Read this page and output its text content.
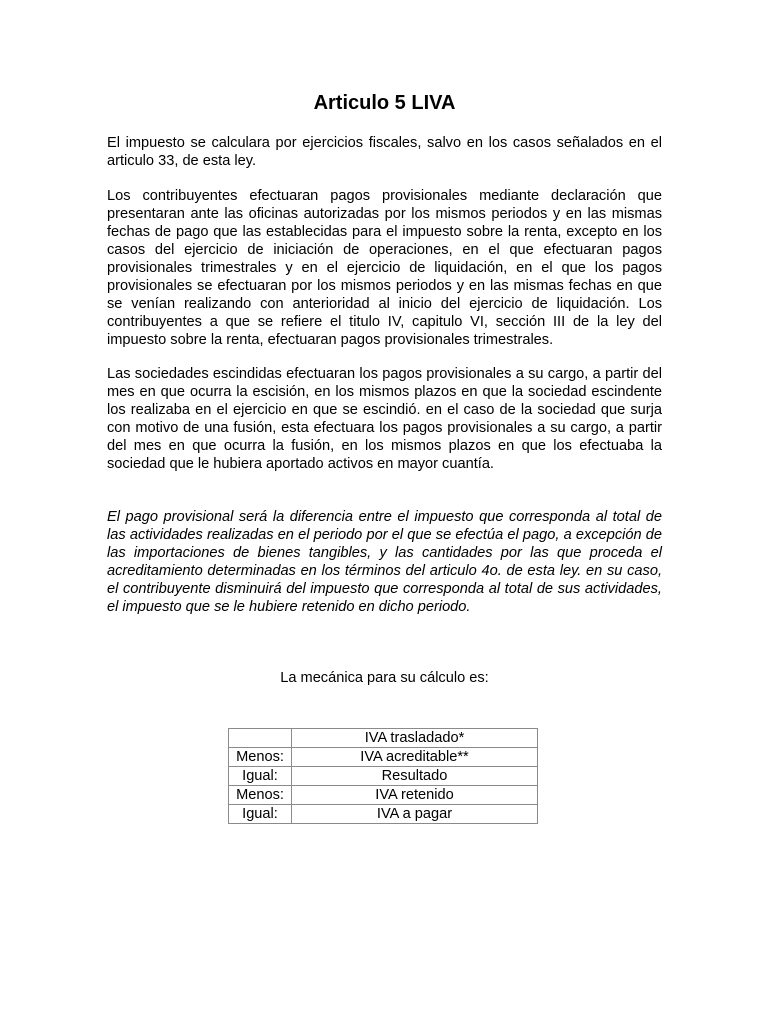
Articulo 5 LIVA

El impuesto se calculara por ejercicios fiscales, salvo en los casos señalados en el articulo 33, de esta ley.

Los contribuyentes efectuaran pagos provisionales mediante declaración que presentaran ante las oficinas autorizadas por los mismos periodos y en las mismas fechas de pago que las establecidas para el impuesto sobre la renta, excepto en los casos del ejercicio de iniciación de operaciones, en el que efectuaran pagos provisionales trimestrales y en el ejercicio de liquidación, en el que los pagos provisionales se efectuaran por los mismos periodos y en las mismas fechas en que se venían realizando con anterioridad al inicio del ejercicio de liquidación. Los contribuyentes a que se refiere el titulo IV, capitulo VI, sección III de la ley del impuesto sobre la renta, efectuaran pagos provisionales trimestrales.

Las sociedades escindidas efectuaran los pagos provisionales a su cargo, a partir del mes en que ocurra la escisión, en los mismos plazos en que la sociedad escindente los realizaba en el ejercicio en que se escindió. en el caso de la sociedad que surja con motivo de una fusión, esta efectuara los pagos provisionales a su cargo, a partir del mes en que ocurra la fusión, en los mismos plazos en que los efectuaba la sociedad que le hubiera aportado activos en mayor cuantía.

El pago provisional será la diferencia entre el impuesto que corresponda al total de las actividades realizadas en el periodo por el que se efectúa el pago, a excepción de las importaciones de bienes tangibles, y las cantidades por las que proceda el acreditamiento determinadas en los términos del articulo 4o. de esta ley. en su caso, el contribuyente disminuirá del impuesto que corresponda al total de sus actividades, el impuesto que se le hubiere retenido en dicho periodo.

La mecánica para su cálculo es:

	IVA trasladado*
Menos:	IVA acreditable**
Igual:	Resultado
Menos:	IVA retenido
Igual:	IVA a pagar
